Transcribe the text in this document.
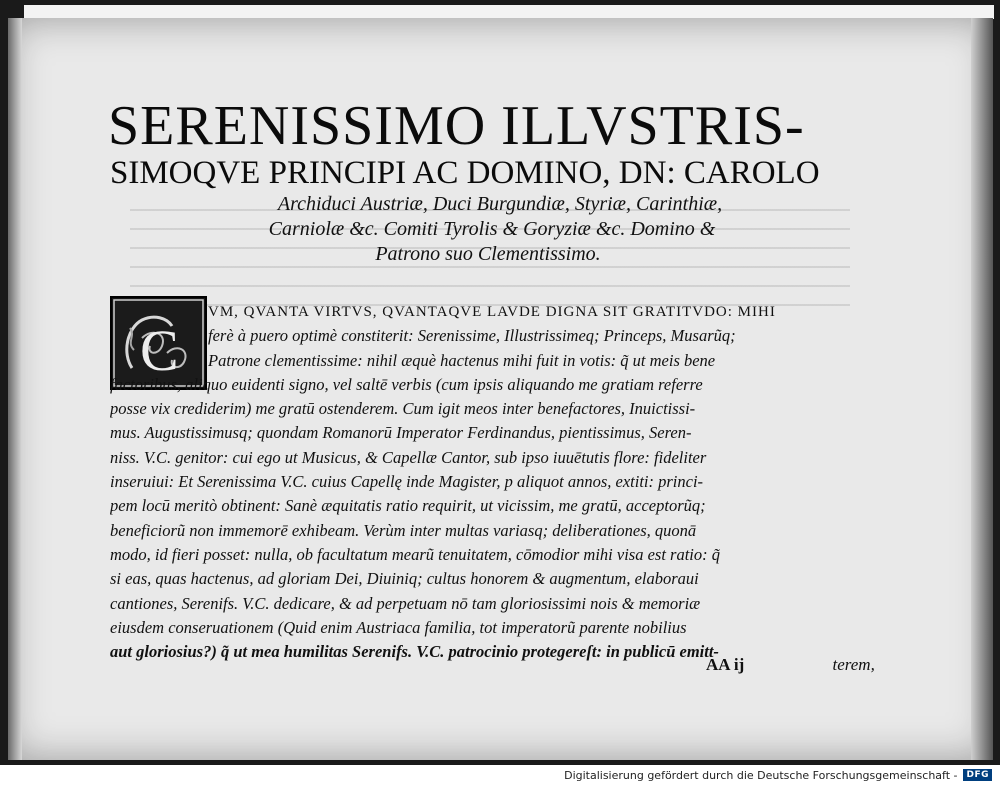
SERENISSIMO ILLVSTRIS-
SIMOQVE PRINCIPI AC DOMINO, DN: CAROLO
Archiduci Austriæ, Duci Burgundiæ, Styriæ, Carinthiæ,
Carniolæ &c. Comiti Tyrolis & Goryziæ &c. Domino &
Patrono suo Clementissimo.
C
VM, QVANTA VIRTVS, QVANTAQVE LAVDE DIGNA SIT GRATITVDO: MIHI
ferè à puero optimè constiterit: Serenissime, Illustrissimeq; Princeps, Musarũq;
Patrone clementissime: nihil æquè hactenus mihi fuit in votis: q̃ ut meis bene
factoribus, aliquo euidenti signo, vel saltē verbis (cum ipsis aliquando me gratiam referre
posse vix crediderim) me gratū ostenderem. Cum igit meos inter benefactores, Inuictissi-
mus. Augustissimusq; quondam Romanorū Imperator Ferdinandus, pientissimus, Seren-
niss. V.C. genitor: cui ego ut Musicus, & Capellæ Cantor, sub ipso iuuētutis flore: fideliter
inseruiui: Et Serenissima V.C. cuius Capellę inde Magister, p aliquot annos, extiti: princi-
pem locū meritò obtinent: Sanè æquitatis ratio requirit, ut vicissim, me gratū, acceptorũq;
beneficiorũ non immemorē exhibeam. Verùm inter multas variasq; deliberationes, quonā
modo, id fieri posset: nulla, ob facultatum mearũ tenuitatem, cōmodior mihi visa est ratio: q̃
si eas, quas hactenus, ad gloriam Dei, Diuiniq; cultus honorem & augmentum, elaboraui
cantiones, Serenifs. V.C. dedicare, & ad perpetuam nō tam gloriosissimi nois & memoriæ
eiusdem conseruationem (Quid enim Austriaca familia, tot imperatorũ parente nobilius
aut gloriosius?) q̃ ut mea humilitas Serenifs. V.C. patrocinio protegereſt: in publicū emitt-
AA ij	terem,
Digitalisierung gefördert durch die Deutsche Forschungsgemeinschaft -	DFG
